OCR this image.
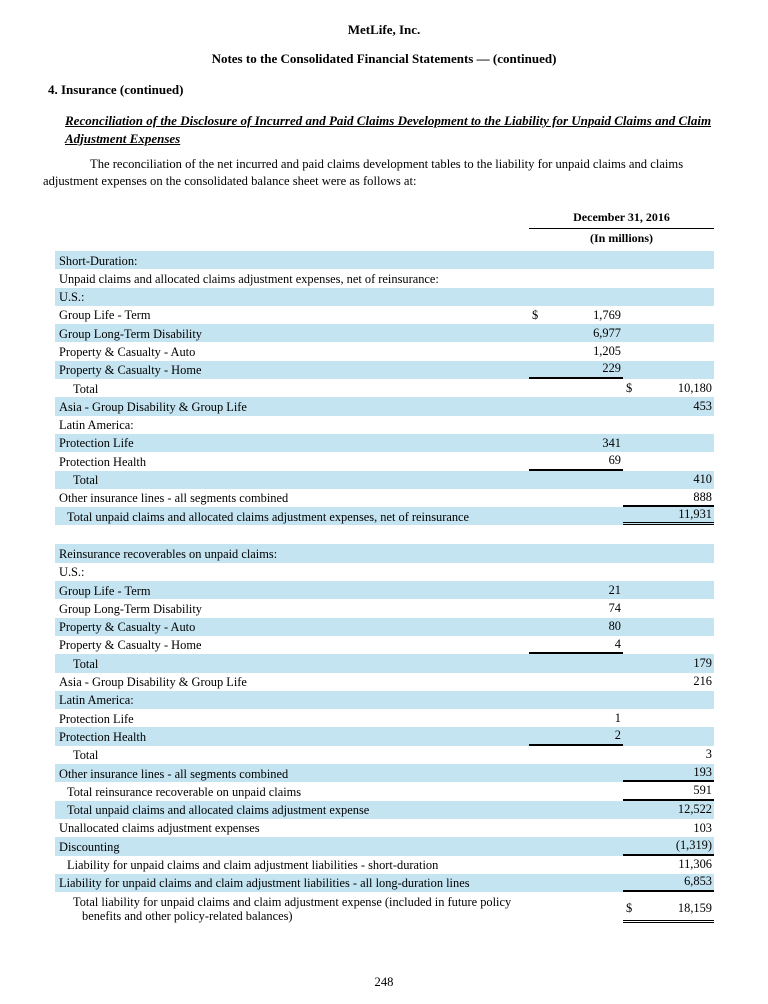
MetLife, Inc.
Notes to the Consolidated Financial Statements — (continued)
4. Insurance (continued)
Reconciliation of the Disclosure of Incurred and Paid Claims Development to the Liability for Unpaid Claims and Claim Adjustment Expenses

The reconciliation of the net incurred and paid claims development tables to the liability for unpaid claims and claims adjustment expenses on the consolidated balance sheet were as follows at:

December 31, 2016
(In millions)
Short-Duration:
Unpaid claims and allocated claims adjustment expenses, net of reinsurance:
U.S.:
Group Life - Term	$	1,769
Group Long-Term Disability	6,977
Property & Casualty - Auto	1,205
Property & Casualty - Home	229
Total	$	10,180
Asia - Group Disability & Group Life	453
Latin America:
Protection Life	341
Protection Health	69
Total	410
Other insurance lines - all segments combined	888
Total unpaid claims and allocated claims adjustment expenses, net of reinsurance	11,931
Reinsurance recoverables on unpaid claims:
U.S.:
Group Life - Term	21
Group Long-Term Disability	74
Property & Casualty - Auto	80
Property & Casualty - Home	4
Total	179
Asia - Group Disability & Group Life	216
Latin America:
Protection Life	1
Protection Health	2
Total	3
Other insurance lines - all segments combined	193
Total reinsurance recoverable on unpaid claims	591
Total unpaid claims and allocated claims adjustment expense	12,522
Unallocated claims adjustment expenses	103
Discounting	(1,319)
Liability for unpaid claims and claim adjustment liabilities - short-duration	11,306
Liability for unpaid claims and claim adjustment liabilities - all long-duration lines	6,853
Total liability for unpaid claims and claim adjustment expense (included in future policy
benefits and other policy-related balances)
$	18,159
248
